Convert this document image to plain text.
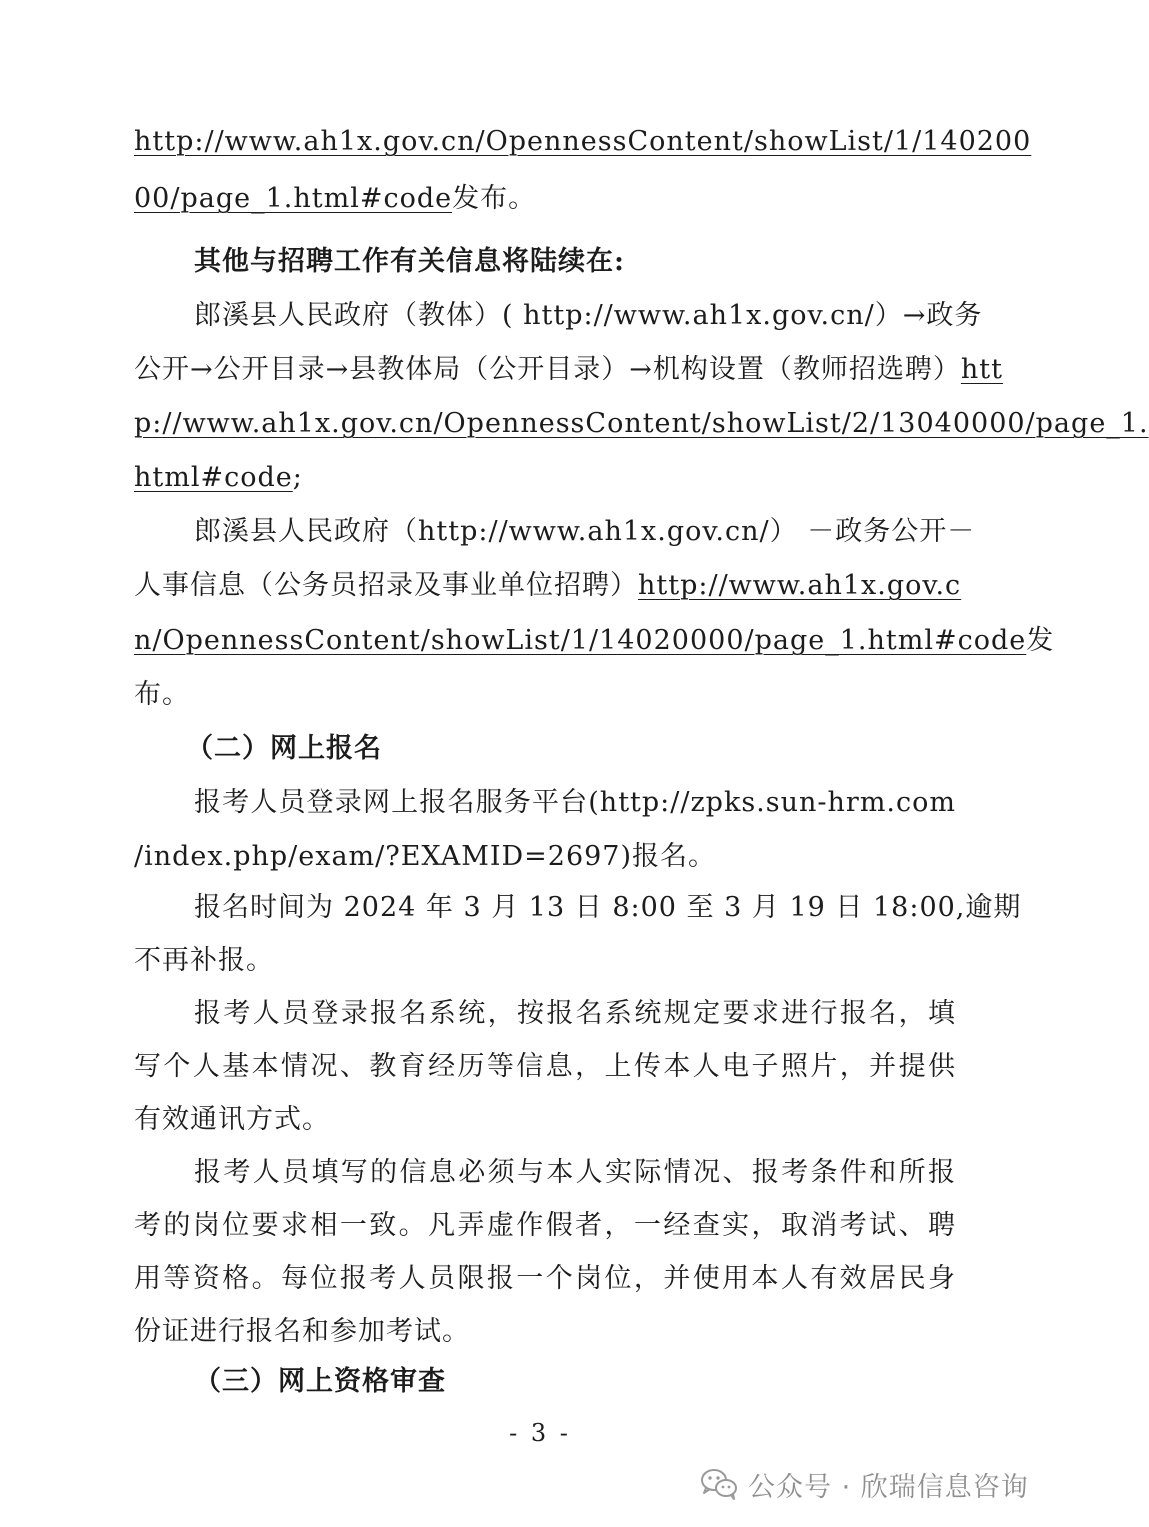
http://www.ah1x.gov.cn/OpennessContent/showList/1/140200
00/page_1.html#code发布。
其他与招聘工作有关信息将陆续在:
郎溪县人民政府（教体）( http://www.ah1x.gov.cn/）→政务
公开→公开目录→县教体局（公开目录）→机构设置（教师招选聘）htt
p://www.ah1x.gov.cn/OpennessContent/showList/2/13040000/page_1.
html#code;
郎溪县人民政府（http://www.ah1x.gov.cn/） －政务公开－
人事信息（公务员招录及事业单位招聘）http://www.ah1x.gov.c
n/OpennessContent/showList/1/14020000/page_1.html#code发
布。
（二）网上报名
报考人员登录网上报名服务平台(http://zpks.sun-hrm.com
/index.php/exam/?EXAMID=2697)报名。
报名时间为 2024 年 3 月 13 日 8:00 至 3 月 19 日 18:00,逾期
不再补报。
报考人员登录报名系统，按报名系统规定要求进行报名，填
写个人基本情况、教育经历等信息，上传本人电子照片，并提供
有效通讯方式。
报考人员填写的信息必须与本人实际情况、报考条件和所报
考的岗位要求相一致。凡弄虚作假者，一经查实，取消考试、聘
用等资格。每位报考人员限报一个岗位，并使用本人有效居民身
份证进行报名和参加考试。
（三）网上资格审查
- 3 -
公众号 · 欣瑞信息咨询
